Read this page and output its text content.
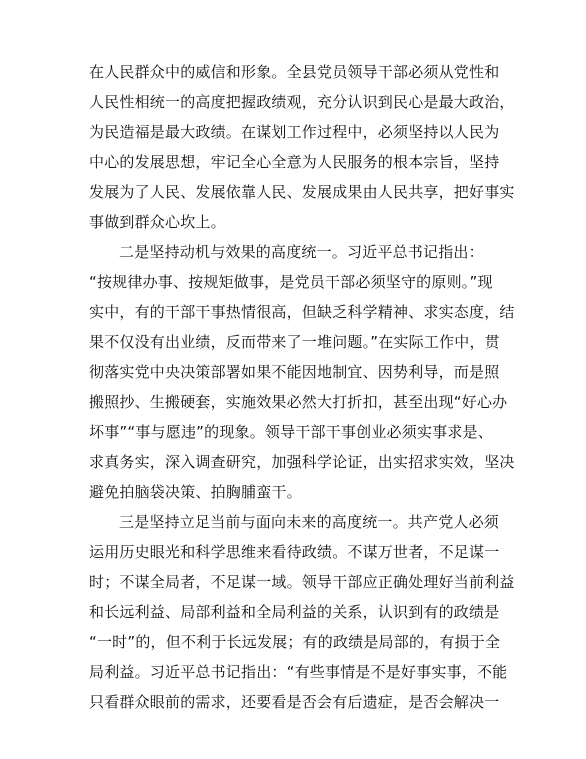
在人民群众中的威信和形象。全县党员领导干部必须从党性和
人民性相统一的高度把握政绩观，充分认识到民心是最大政治，
为民造福是最大政绩。在谋划工作过程中，必须坚持以人民为
中心的发展思想，牢记全心全意为人民服务的根本宗旨，坚持
发展为了人民、发展依靠人民、发展成果由人民共享，把好事实
事做到群众心坎上。
二是坚持动机与效果的高度统一。习近平总书记指出：
“按规律办事、按规矩做事，是党员干部必须坚守的原则。”现
实中，有的干部干事热情很高，但缺乏科学精神、求实态度，结
果不仅没有出业绩，反而带来了一堆问题。”在实际工作中，贯
彻落实党中央决策部署如果不能因地制宜、因势利导，而是照
搬照抄、生搬硬套，实施效果必然大打折扣，甚至出现“好心办
坏事”“事与愿违”的现象。领导干部干事创业必须实事求是、
求真务实，深入调查研究，加强科学论证，出实招求实效，坚决
避免拍脑袋决策、拍胸脯蛮干。
三是坚持立足当前与面向未来的高度统一。共产党人必须
运用历史眼光和科学思维来看待政绩。不谋万世者，不足谋一
时；不谋全局者，不足谋一域。领导干部应正确处理好当前利益
和长远利益、局部利益和全局利益的关系，认识到有的政绩是
“一时”的，但不利于长远发展；有的政绩是局部的，有损于全
局利益。习近平总书记指出：“有些事情是不是好事实事，不能
只看群众眼前的需求，还要看是否会有后遗症，是否会解决一
